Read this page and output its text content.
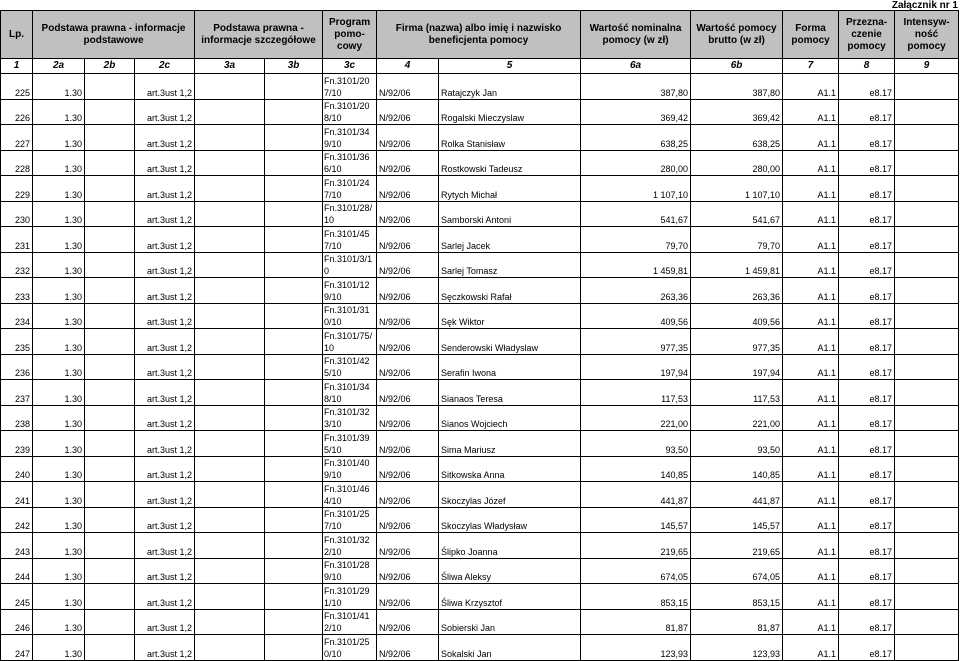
Załącznik nr 1
Lp.	Podstawa prawna - informacje podstawowe			Podstawa prawna - informacje szczegółowe		Program pomo-cowy	Firma (nazwa) albo imię i nazwisko beneficjenta pomocy		Wartość nominalna pomocy (w zł)	Wartość pomocy brutto (w zł)	Forma pomocy	Przezna-czenie pomocy	Intensyw-ność pomocy
1	2a	2b	2c	3a	3b	3c	4	5	6a	6b	7	8	9
225	1.30		art.3ust 1,2			Fn.3101/20 7/10	N/92/06	Ratajczyk Jan	387,80	387,80	A1.1	e8.17	
226	1.30		art.3ust 1,2			Fn.3101/20 8/10	N/92/06	Rogalski Mieczyslaw	369,42	369,42	A1.1	e8.17	
227	1.30		art.3ust 1,2			Fn.3101/34 9/10	N/92/06	Rolka Stanisław	638,25	638,25	A1.1	e8.17	
228	1.30		art.3ust 1,2			Fn.3101/36 6/10	N/92/06	Rostkowski Tadeusz	280,00	280,00	A1.1	e8.17	
229	1.30		art.3ust 1,2			Fn.3101/24 7/10	N/92/06	Rytych Michał	1 107,10	1 107,10	A1.1	e8.17	
230	1.30		art.3ust 1,2			Fn.3101/28/ 10	N/92/06	Samborski Antoni	541,67	541,67	A1.1	e8.17	
231	1.30		art.3ust 1,2			Fn.3101/45 7/10	N/92/06	Sarlej Jacek	79,70	79,70	A1.1	e8.17	
232	1.30		art.3ust 1,2			Fn.3101/3/1 0	N/92/06	Sarlej Tomasz	1 459,81	1 459,81	A1.1	e8.17	
233	1.30		art.3ust 1,2			Fn.3101/12 9/10	N/92/06	Sęczkowski Rafał	263,36	263,36	A1.1	e8.17	
234	1.30		art.3ust 1,2			Fn.3101/31 0/10	N/92/06	Sęk Wiktor	409,56	409,56	A1.1	e8.17	
235	1.30		art.3ust 1,2			Fn.3101/75/ 10	N/92/06	Senderowski Władyslaw	977,35	977,35	A1.1	e8.17	
236	1.30		art.3ust 1,2			Fn.3101/42 5/10	N/92/06	Serafin Iwona	197,94	197,94	A1.1	e8.17	
237	1.30		art.3ust 1,2			Fn.3101/34 8/10	N/92/06	Sianaos Teresa	117,53	117,53	A1.1	e8.17	
238	1.30		art.3ust 1,2			Fn.3101/32 3/10	N/92/06	Sianos Wojciech	221,00	221,00	A1.1	e8.17	
239	1.30		art.3ust 1,2			Fn.3101/39 5/10	N/92/06	Sima Mariusz	93,50	93,50	A1.1	e8.17	
240	1.30		art.3ust 1,2			Fn.3101/40 9/10	N/92/06	Sitkowska Anna	140,85	140,85	A1.1	e8.17	
241	1.30		art.3ust 1,2			Fn.3101/46 4/10	N/92/06	Skoczylas Józef	441,87	441,87	A1.1	e8.17	
242	1.30		art.3ust 1,2			Fn.3101/25 7/10	N/92/06	Skoczylas Władysław	145,57	145,57	A1.1	e8.17	
243	1.30		art.3ust 1,2			Fn.3101/32 2/10	N/92/06	Ślipko Joanna	219,65	219,65	A1.1	e8.17	
244	1.30		art.3ust 1,2			Fn.3101/28 9/10	N/92/06	Śliwa Aleksy	674,05	674,05	A1.1	e8.17	
245	1.30		art.3ust 1,2			Fn.3101/29 1/10	N/92/06	Śliwa Krzysztof	853,15	853,15	A1.1	e8.17	
246	1.30		art.3ust 1,2			Fn.3101/41 2/10	N/92/06	Sobierski Jan	81,87	81,87	A1.1	e8.17	
247	1.30		art.3ust 1,2			Fn.3101/25 0/10	N/92/06	Sokalski Jan	123,93	123,93	A1.1	e8.17	
